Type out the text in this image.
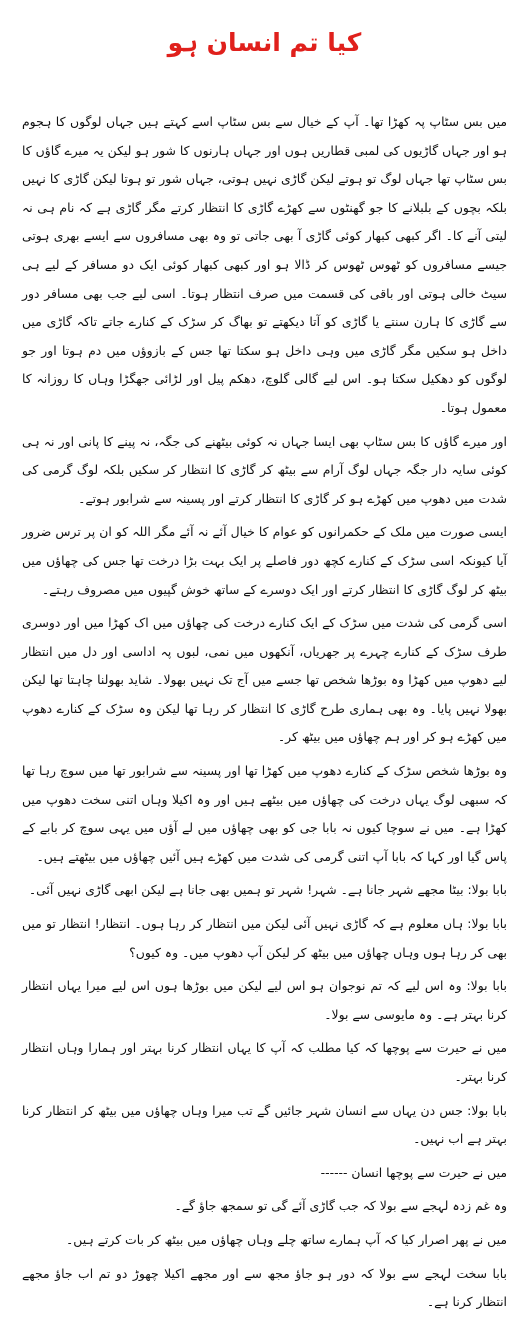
کیا تم انسان ہو

میں بس سٹاپ پہ کھڑا تھا۔ آپ کے خیال سے بس سٹاپ اسے کہتے ہیں جہاں لوگوں کا ہجوم ہو اور جہاں گاڑیوں کی لمبی قطاریں ہوں اور جہاں ہارنوں کا شور ہو لیکن یہ میرے گاؤں کا بس سٹاپ تھا جہاں لوگ تو ہوتے لیکن گاڑی نہیں ہوتی، جہاں شور تو ہوتا لیکن گاڑی کا نہیں بلکہ بچوں کے بلبلانے کا جو گھنٹوں سے کھڑے گاڑی کا انتظار کرتے مگر گاڑی ہے کہ نام ہی نہ لیتی آنے کا۔ اگر کبھی کبھار کوئی گاڑی آ بھی جاتی تو وہ بھی مسافروں سے ایسے بھری ہوتی جیسے مسافروں کو ٹھوس ٹھوس کر ڈالا ہو اور کبھی کبھار کوئی ایک دو مسافر کے لیے ہی سیٹ خالی ہوتی اور باقی کی قسمت میں صرف انتظار ہوتا۔ اسی لیے جب بھی مسافر دور سے گاڑی کا ہارن سنتے یا گاڑی کو آتا دیکھتے تو بھاگ کر سڑک کے کنارے جاتے تاکہ گاڑی میں داخل ہو سکیں مگر گاڑی میں وہی داخل ہو سکتا تھا جس کے بازوؤں میں دم ہوتا اور جو لوگوں کو دھکیل سکتا ہو۔ اس لیے گالی گلوچ، دھکم پیل اور لڑائی جھگڑا وہاں کا روزانہ کا معمول ہوتا۔

اور میرے گاؤں کا بس سٹاپ بھی ایسا جہاں نہ کوئی بیٹھنے کی جگہ، نہ پینے کا پانی اور نہ ہی کوئی سایہ دار جگہ جہاں لوگ آرام سے بیٹھ کر گاڑی کا انتظار کر سکیں بلکہ لوگ گرمی کی شدت میں دھوپ میں کھڑے ہو کر گاڑی کا انتظار کرتے اور پسینہ سے شرابور ہوتے۔

ایسی صورت میں ملک کے حکمرانوں کو عوام کا خیال آئے نہ آئے مگر اللہ کو ان پر ترس ضرور آیا کیونکہ اسی سڑک کے کنارے کچھ دور فاصلے پر ایک بہت بڑا درخت تھا جس کی چھاؤں میں بیٹھ کر لوگ گاڑی کا انتظار کرتے اور ایک دوسرے کے ساتھ خوش گپیوں میں مصروف رہتے۔

اسی گرمی کی شدت میں سڑک کے ایک کنارے درخت کی چھاؤں میں اک کھڑا میں اور دوسری طرف سڑک کے کنارے چہرے پر جھریاں، آنکھوں میں نمی، لبوں پہ اداسی اور دل میں انتظار لیے دھوپ میں کھڑا وہ بوڑھا شخص تھا جسے میں آج تک نہیں بھولا۔ شاید بھولنا چاہتا تھا لیکن بھولا نہیں پایا۔ وہ بھی ہماری طرح گاڑی کا انتظار کر رہا تھا لیکن وہ سڑک کے کنارے دھوپ میں کھڑے ہو کر اور ہم چھاؤں میں بیٹھ کر۔

وہ بوڑھا شخص سڑک کے کنارے دھوپ میں کھڑا تھا اور پسینہ سے شرابور تھا میں سوچ رہا تھا کہ سبھی لوگ یہاں درخت کی چھاؤں میں بیٹھے ہیں اور وہ اکیلا وہاں اتنی سخت دھوپ میں کھڑا ہے۔ میں نے سوچا کیوں نہ بابا جی کو بھی چھاؤں میں لے آؤں میں یہی سوچ کر بابے کے پاس گیا اور کہا کہ بابا آپ اتنی گرمی کی شدت میں کھڑے ہیں آئیں چھاؤں میں بیٹھتے ہیں۔

بابا بولا: بیٹا مجھے شہر جانا ہے۔ شہر! شہر تو ہمیں بھی جانا ہے لیکن ابھی گاڑی نہیں آئی۔

بابا بولا: ہاں معلوم ہے کہ گاڑی نہیں آئی لیکن میں انتظار کر رہا ہوں۔ انتظار! انتظار تو میں بھی کر رہا ہوں وہاں چھاؤں میں بیٹھ کر لیکن آپ دھوپ میں۔ وہ کیوں؟

بابا بولا: وہ اس لیے کہ تم نوجوان ہو اس لیے لیکن میں بوڑھا ہوں اس لیے میرا یہاں انتظار کرنا بہتر ہے۔ وہ مایوسی سے بولا۔

میں نے حیرت سے پوچھا کہ کیا مطلب کہ آپ کا یہاں انتظار کرنا بہتر اور ہمارا وہاں انتظار کرنا بہتر۔

بابا بولا: جس دن یہاں سے انسان شہر جائیں گے تب میرا وہاں چھاؤں میں بیٹھ کر انتظار کرنا بہتر ہے اب نہیں۔

میں نے حیرت سے پوچھا انسان ------

وہ غم زدہ لہجے سے بولا کہ جب گاڑی آئے گی تو سمجھ جاؤ گے۔

میں نے پھر اصرار کیا کہ آپ ہمارے ساتھ چلے وہاں چھاؤں میں بیٹھ کر بات کرتے ہیں۔

بابا سخت لہجے سے بولا کہ دور ہو جاؤ مجھ سے اور مجھے اکیلا چھوڑ دو تم اب جاؤ مجھے انتظار کرنا ہے۔
